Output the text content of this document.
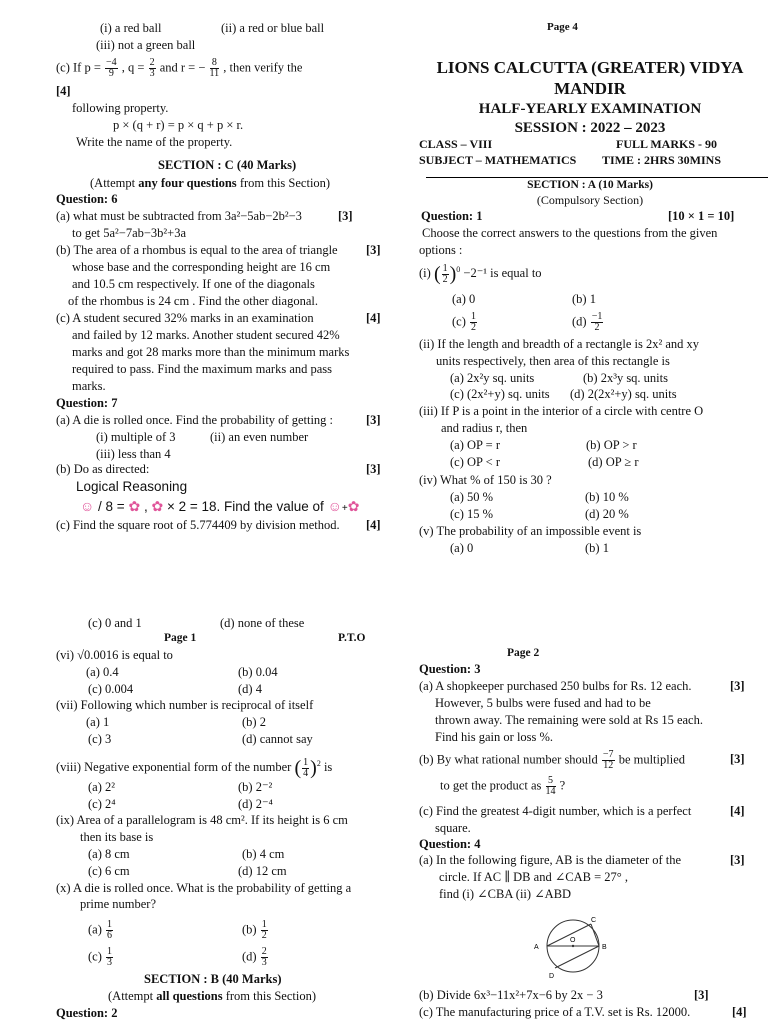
(i) a red ball	(ii) a red or blue ball
(iii) not a green ball
(c) If $p = \frac{-4}{9}$ , $q = \frac{2}{3}$ and r = − $\frac{8}{11}$ , then verify the
[4]
following property.
p × (q + r) = p × q + p × r.
Write the name of the property.
SECTION : C (40 Marks)
(Attempt any four questions from this Section)
Question: 6
(a) what must be subtracted from 3a²−5ab−2b²−3	[3]
to get 5a²−7ab−3b²+3a
(b) The area of a rhombus is equal to the area of triangle [3]
whose base and the corresponding height are 16 cm
and 10.5 cm respectively. If one of the diagonals
of the rhombus is 24 cm . Find the other diagonal.
(c) A student secured 32% marks in an examination	[4]
and failed by 12 marks. Another student secured 42%
marks and got 28 marks more than the minimum marks
required to pass. Find the maximum marks and pass
marks.
Question: 7
(a) A die is rolled once. Find the probability of getting :	[3]
(i) multiple of 3	(ii) an even number
(iii) less than 4
(b) Do as directed:	[3]
Logical Reasoning
☺ / 8 = ✿ , ✿ × 2 = 18. Find the value of ☺+✿
(c) Find the square root of 5.774409 by division method. [4]
Page 4
LIONS CALCUTTA (GREATER) VIDYA
MANDIR
HALF-YEARLY EXAMINATION
SESSION : 2022 – 2023
CLASS – VIII	FULL MARKS - 90
SUBJECT – MATHEMATICS TIME : 2HRS 30MINS
SECTION : A (10 Marks)
(Compulsory Section)
Question: 1	[10 × 1 = 10]
Choose the correct answers to the questions from the given
options :
(i) ( $\frac{1}{2} )^0 -2^{-1}$ is equal to
(a) 0	(b) 1
$(c) \frac{1}{2}$	$(d) \frac{-1}{2}$
(ii) If the length and breadth of a rectangle is 2x² and xy
units respectively, then area of this rectangle is
(a) 2x²y sq. units	(b) 2x³y sq. units
(c) (2x²+y) sq. units (d) 2(2x²+y) sq. units
(iii) If P is a point in the interior of a circle with centre O
and radius r, then
(a) OP = r	(b) OP > r
(c) OP < r	(d) OP ≥ r
(iv) What % of 150 is 30 ?
(a) 50 %	(b) 10 %
(c) 15 %	(d) 20 %
(v) The probability of an impossible event is
(a) 0	(b) 1
(c) 0 and 1	(d) none of these
Page 1	P.T.O
(vi) √0.0016 is equal to
(a) 0.4	(b) 0.04
(c) 0.004	(d) 4
(vii) Following which number is reciprocal of itself
(a) 1	(b) 2
(c) 3	(d) cannot say
(viii) Negative exponential form of the number ( $\frac{1}{4} )^2$ is
(a) 2²	(b) 2⁻²
(c) 2⁴	(d) 2⁻⁴
(ix) Area of a parallelogram is 48 cm². If its height is 6 cm
then its base is
(a) 8 cm	(b) 4 cm
(c) 6 cm	(d) 12 cm
(x) A die is rolled once. What is the probability of getting a
prime number?
$(a) \frac{1}{6}$	$(b) \frac{1}{2}$
$(c) \frac{1}{3}$	$(d) \frac{2}{3}$
SECTION : B (40 Marks)
(Attempt all questions from this Section)
Question: 2
Page 2
Question: 3
(a) A shopkeeper purchased 250 bulbs for Rs. 12 each.	[3]
However, 5 bulbs were fused and had to be
thrown away. The remaining were sold at Rs 15 each.
Find his gain or loss %.
(b) By what rational number should $\frac{-7}{12}$ be multiplied	[3]
to get the product as $\frac{5}{14}$ ?
(c) Find the greatest 4-digit number, which is a perfect	[4]
square.
Question: 4
(a) In the following figure, AB is the diameter of the	[3]
circle. If AC ∥ DB and ∠CAB = 27° ,
find (i) ∠CBA (ii) ∠ABD
A	B
C
D
O
(b) Divide 6x³−11x²+7x−6 by 2x − 3	[3]
(c) The manufacturing price of a T.V. set is Rs. 12000.	[4]
